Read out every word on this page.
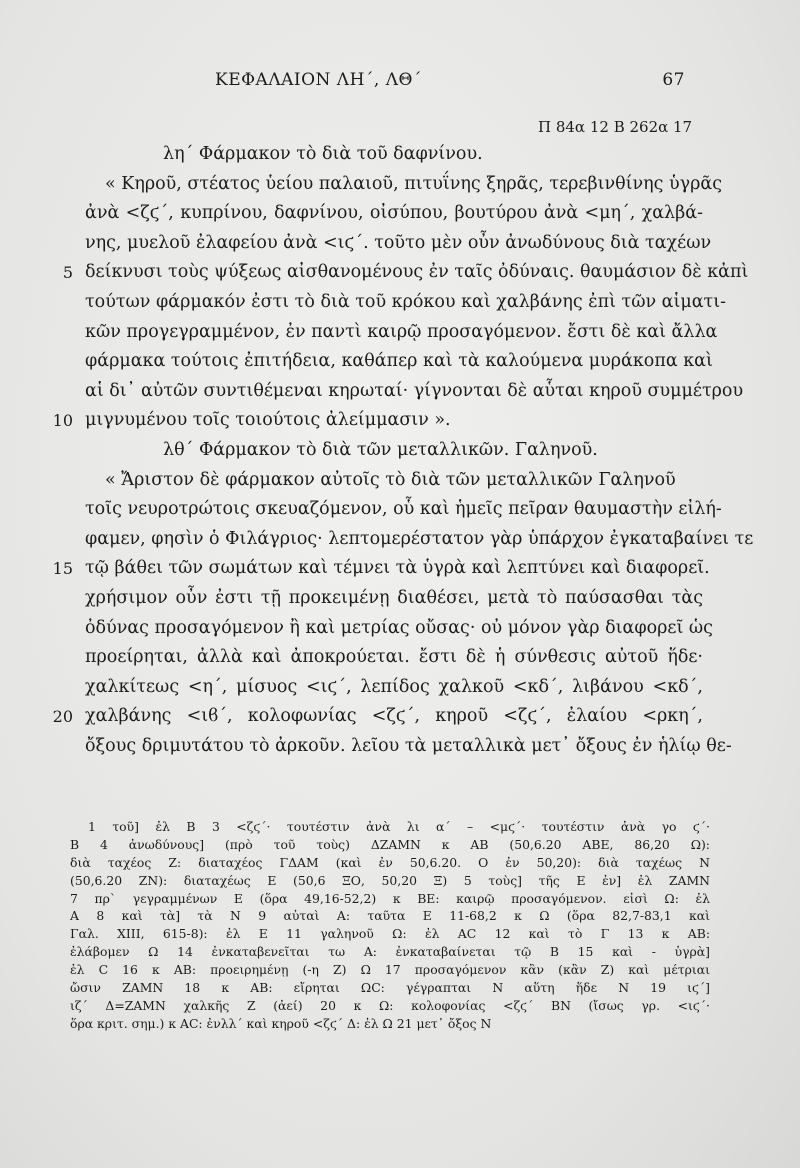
ΚΕΦΑΛΑΙΟΝ ΛΗ΄, ΛΘ΄	67
Π 84α 12 Β 262α 17
λη΄ Φάρμακον τὸ διὰ τοῦ δαφνίνου.
« Κηροῦ, στέατος ὑείου παλαιοῦ, πιτυΐνης ξηρᾶς, τερεβινθίνης ὑγρᾶς
ἀνὰ <ζϛ΄, κυπρίνου, δαφνίνου, οἰσύπου, βουτύρου ἀνὰ <μη΄, χαλβά-
νης, μυελοῦ ἐλαφείου ἀνὰ <ιϛ΄. τοῦτο μὲν οὖν ἀνωδύνους διὰ ταχέων
5 δείκνυσι τοὺς ψύξεως αἰσθανομένους ἐν ταῖς ὀδύναις. θαυμάσιον δὲ κἀπὶ
τούτων φάρμακόν ἐστι τὸ διὰ τοῦ κρόκου καὶ χαλβάνης ἐπὶ τῶν αἱματι-
κῶν προγεγραμμένον, ἐν παντὶ καιρῷ προσαγόμενον. ἔστι δὲ καὶ ἄλλα
φάρμακα τούτοις ἐπιτήδεια, καθάπερ καὶ τὰ καλούμενα μυράκοπα καὶ
αἱ δι᾽ αὐτῶν συντιθέμεναι κηρωταί· γίγνονται δὲ αὗται κηροῦ συμμέτρου
10 μιγνυμένου τοῖς τοιούτοις ἀλείμμασιν ».
λθ΄ Φάρμακον τὸ διὰ τῶν μεταλλικῶν. Γαληνοῦ.
« Ἄριστον δὲ φάρμακον αὐτοῖς τὸ διὰ τῶν μεταλλικῶν Γαληνοῦ
τοῖς νευροτρώτοις σκευαζόμενον, οὗ καὶ ἡμεῖς πεῖραν θαυμαστὴν εἰλή-
φαμεν, φησὶν ὁ Φιλάγριος· λεπτομερέστατον γὰρ ὑπάρχον ἐγκαταβαίνει τε
15 τῷ βάθει τῶν σωμάτων καὶ τέμνει τὰ ὑγρὰ καὶ λεπτύνει καὶ διαφορεῖ.
χρήσιμον οὖν ἐστι τῇ προκειμένῃ διαθέσει, μετὰ τὸ παύσασθαι τὰς
ὀδύνας προσαγόμενον ἢ καὶ μετρίας οὔσας· οὐ μόνον γὰρ διαφορεῖ ὡς
προείρηται, ἀλλὰ καὶ ἀποκρούεται. ἔστι δὲ ἡ σύνθεσις αὐτοῦ ἥδε·
χαλκίτεως <η΄, μίσυος <ιϛ΄, λεπίδος χαλκοῦ <κδ΄, λιβάνου <κδ΄,
20 χαλβάνης <ιϐ΄, κολοφωνίας <ζϛ΄, κηροῦ <ζϛ΄, ἐλαίου <ρκη΄,
ὄξους δριμυτάτου τὸ ἀρκοῦν. λεῖου τὰ μεταλλικὰ μετ᾽ ὄξους ἐν ἡλίῳ θε-
1 τοῦ] ἐλ Β 3 <ζϛ΄· τουτέστιν ἀνὰ λι α΄ – <μϛ΄· τουτέστιν ἀνὰ γο ϛ΄·
Β 4 ἀνωδύνους] (πρὸ τοῦ τοὺς) ΔΖΑΜΝ κ ΑΒ (50,6.20 ΑΒΕ, 86,20 Ω):
διὰ ταχέος Ζ: διαταχέος ΓΔΑΜ (καὶ ἐν 50,6.20. Ο ἐν 50,20): διὰ ταχέως Ν
(50,6.20 ΖΝ): διαταχέως Ε (50,6 ΞΟ, 50,20 Ξ) 5 τοὺς] τῆς Ε ἐν] ἐλ ΖΑΜΝ
7 πρ` γεγραμμένων Ε (ὅρα 49,16-52,2) κ ΒΕ: καιρῷ προσαγόμενον. εἰσὶ Ω: ἐλ
Α 8 καὶ τὰ] τὰ Ν 9 αὐταὶ Α: ταῦτα Ε 11-68,2 κ Ω (ὅρα 82,7-83,1 καὶ
Γαλ. XIII, 615-8): ἐλ Ε 11 γαληνοῦ Ω: ἐλ ΑC 12 καὶ τὸ Γ 13 κ ΑΒ:
ἐλάβομεν Ω 14 ἐνκαταβενεῖται τω Α: ἐνκαταβαίνεται τῷ Β 15 καὶ - ὑγρὰ]
ἐλ C 16 κ ΑΒ: προειρημένῃ (-η Ζ) Ω 17 προσαγόμενον κἂν (κἂν Ζ) καὶ μέτριαι
ὤσιν ΖΑΜΝ 18 κ ΑΒ: εἴρηται ΩC: γέγραπται Ν αὕτη ἥδε Ν 19 ιϛ΄]
ιζ΄ Δ=ΖΑΜΝ χαλκῆς Ζ (ἀεί) 20 κ Ω: κολοφονίας <ζϛ΄ ΒΝ (ἴσως γρ. <ιϛ΄·
ὅρα κριτ. σημ.) κ ΑC: ἐνλλ΄ καὶ κηροῦ <ζϛ΄ Δ: ἐλ Ω 21 μετ᾽ ὄξος Ν
